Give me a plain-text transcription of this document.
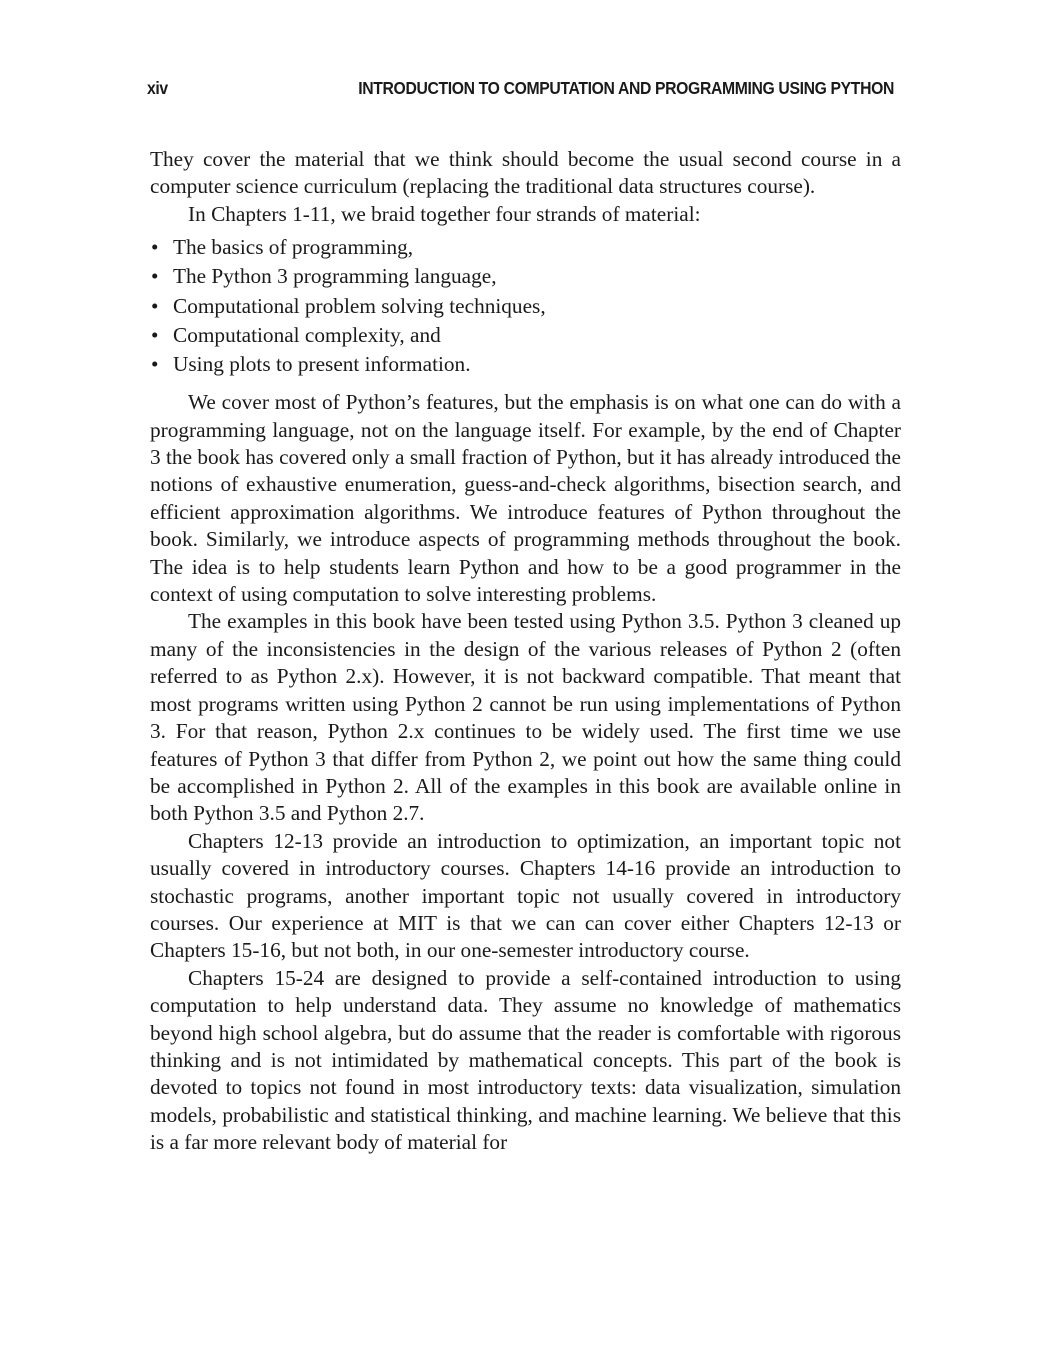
xiv	INTRODUCTION TO COMPUTATION AND PROGRAMMING USING PYTHON

They cover the material that we think should become the usual second course in a computer science curriculum (replacing the traditional data structures course).

In Chapters 1-11, we braid together four strands of material:

• The basics of programming,
• The Python 3 programming language,
• Computational problem solving techniques,
• Computational complexity, and
• Using plots to present information.

We cover most of Python’s features, but the emphasis is on what one can do with a programming language, not on the language itself. For example, by the end of Chapter 3 the book has covered only a small fraction of Python, but it has already introduced the notions of exhaustive enumeration, guess-and-check algorithms, bisection search, and efficient approximation algorithms. We introduce features of Python throughout the book. Similarly, we introduce aspects of programming methods throughout the book. The idea is to help students learn Python and how to be a good programmer in the context of using computation to solve interesting problems.

The examples in this book have been tested using Python 3.5. Python 3 cleaned up many of the inconsistencies in the design of the various releases of Python 2 (often referred to as Python 2.x). However, it is not backward compatible. That meant that most programs written using Python 2 cannot be run using implementations of Python 3. For that reason, Python 2.x continues to be widely used. The first time we use features of Python 3 that differ from Python 2, we point out how the same thing could be accomplished in Python 2. All of the examples in this book are available online in both Python 3.5 and Python 2.7.

Chapters 12-13 provide an introduction to optimization, an important topic not usually covered in introductory courses. Chapters 14-16 provide an introduction to stochastic programs, another important topic not usually covered in introductory courses. Our experience at MIT is that we can can cover either Chapters 12-13 or Chapters 15-16, but not both, in our one-semester introductory course.

Chapters 15-24 are designed to provide a self-contained introduction to using computation to help understand data. They assume no knowledge of mathematics beyond high school algebra, but do assume that the reader is comfortable with rigorous thinking and is not intimidated by mathematical concepts. This part of the book is devoted to topics not found in most introductory texts: data visualization, simulation models, probabilistic and statistical thinking, and machine learning. We believe that this is a far more relevant body of material for
